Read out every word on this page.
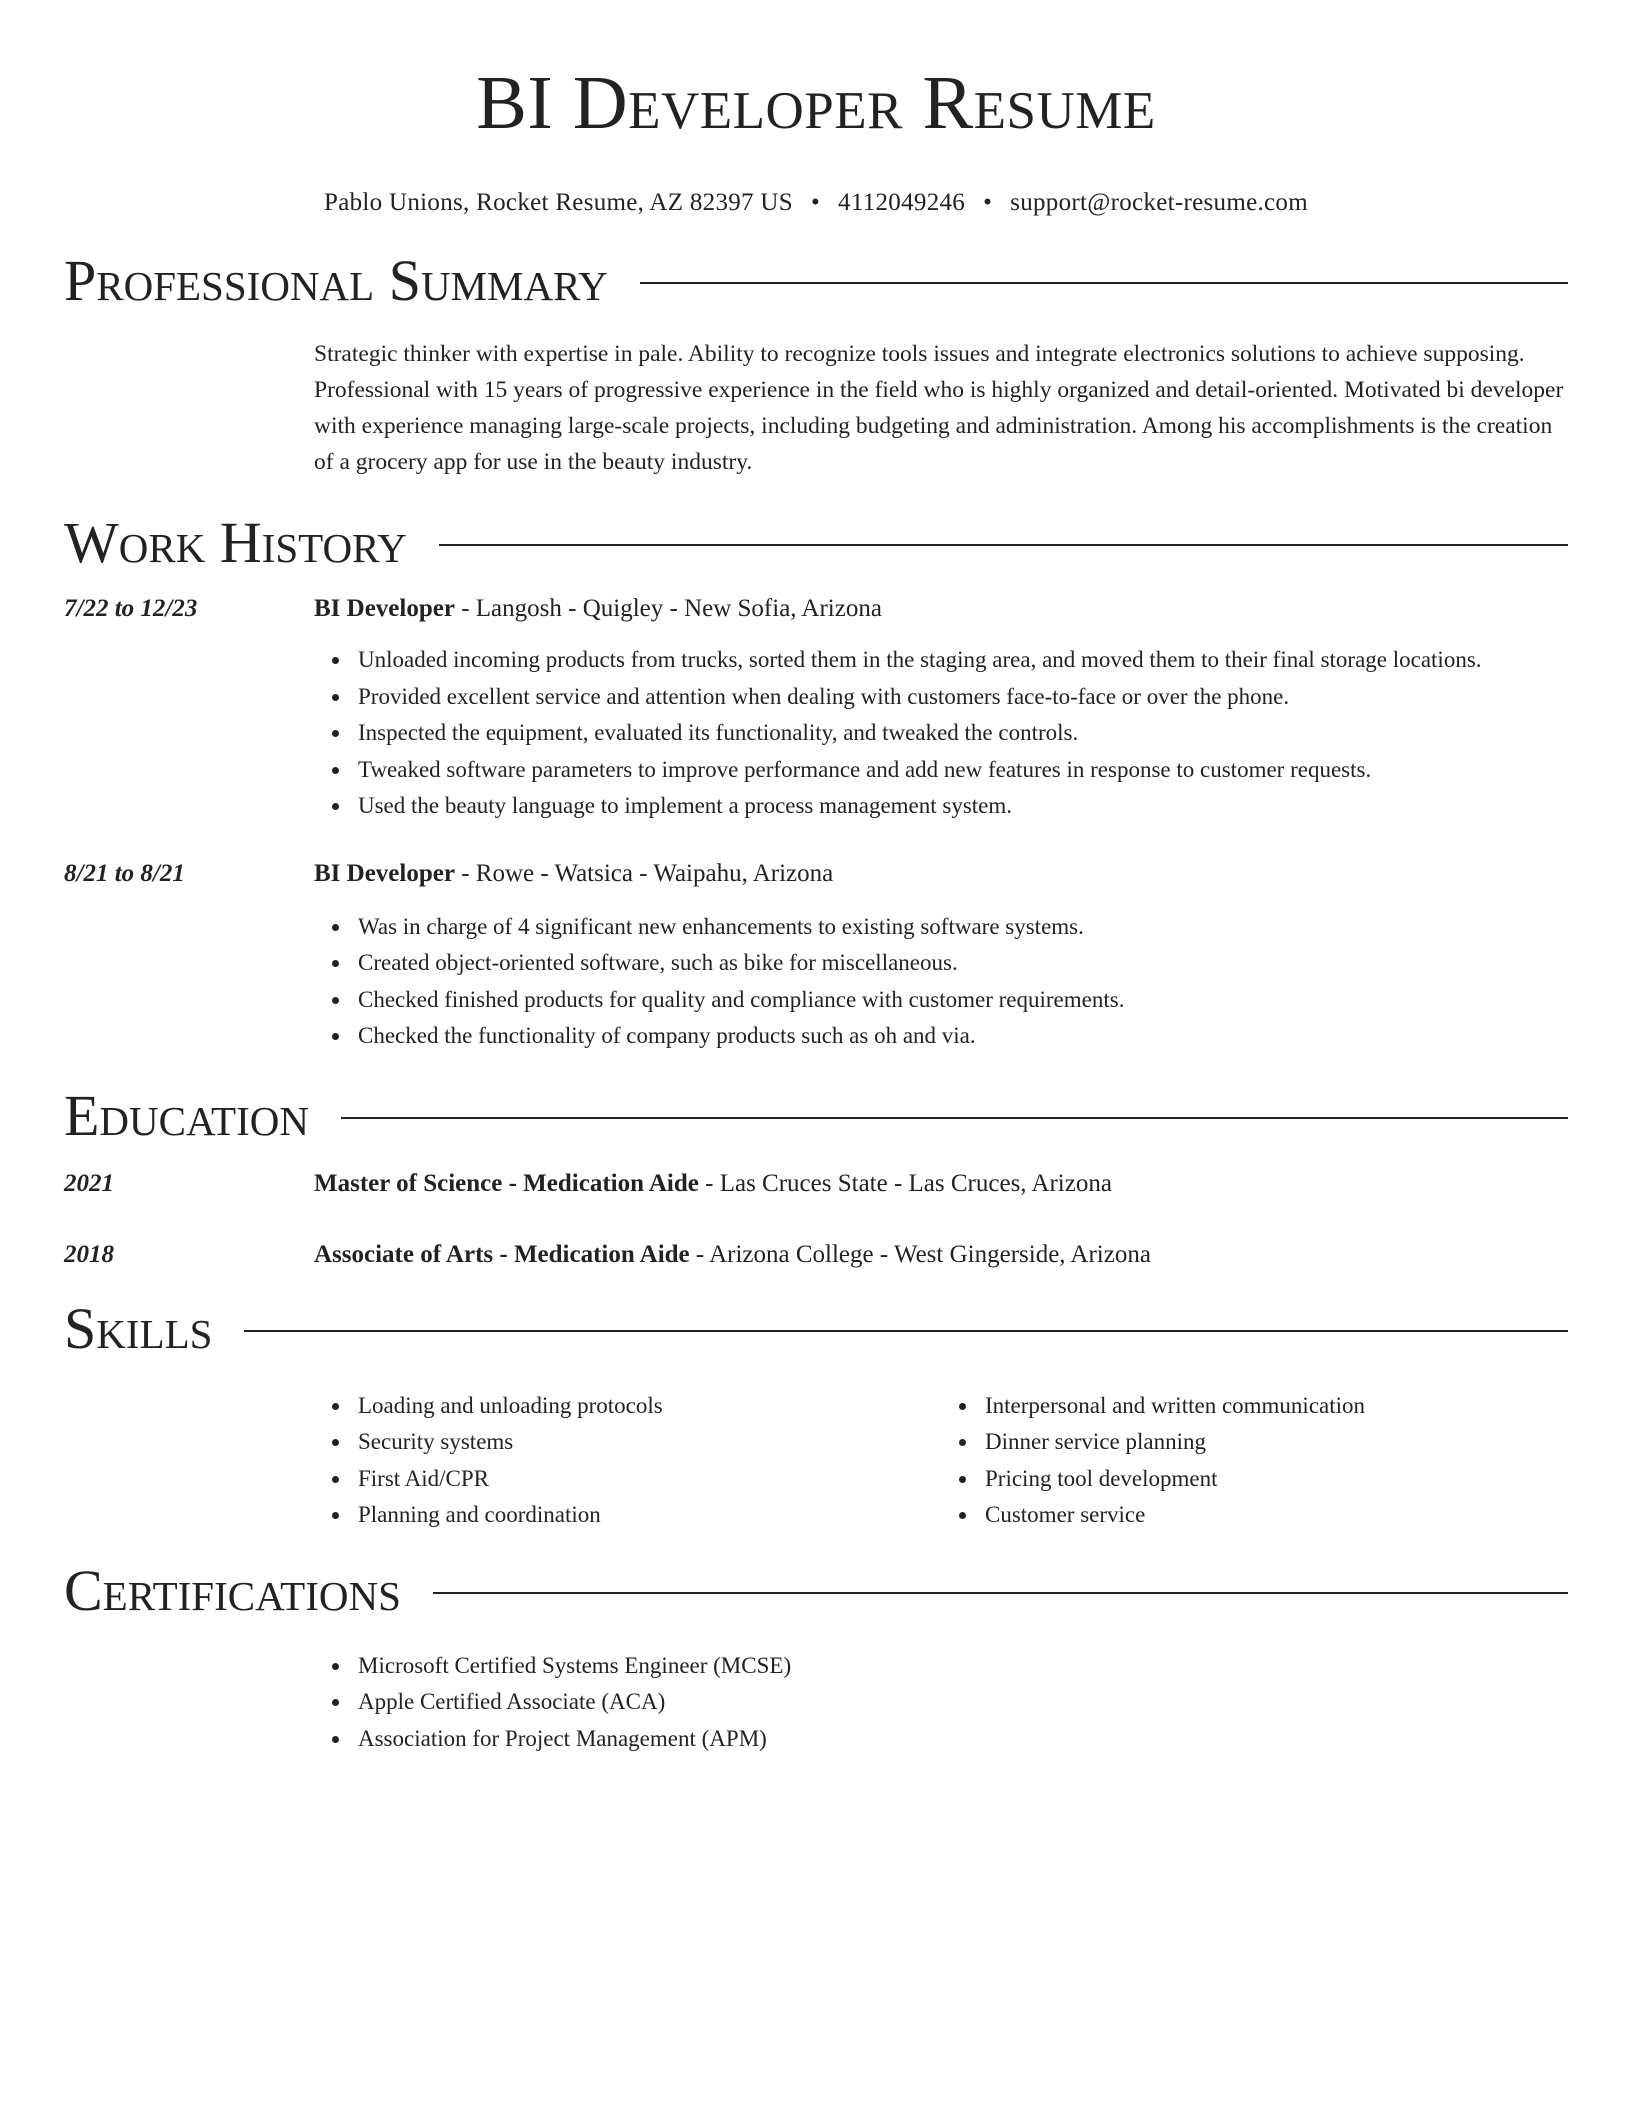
BI Developer Resume
Pablo Unions, Rocket Resume, AZ 82397 US • 4112049246 • support@rocket-resume.com
Professional Summary
Strategic thinker with expertise in pale. Ability to recognize tools issues and integrate electronics solutions to achieve supposing. Professional with 15 years of progressive experience in the field who is highly organized and detail-oriented. Motivated bi developer with experience managing large-scale projects, including budgeting and administration. Among his accomplishments is the creation of a grocery app for use in the beauty industry.
Work History
7/22 to 12/23	BI Developer - Langosh - Quigley - New Sofia, Arizona
Unloaded incoming products from trucks, sorted them in the staging area, and moved them to their final storage locations.
Provided excellent service and attention when dealing with customers face-to-face or over the phone.
Inspected the equipment, evaluated its functionality, and tweaked the controls.
Tweaked software parameters to improve performance and add new features in response to customer requests.
Used the beauty language to implement a process management system.
8/21 to 8/21	BI Developer - Rowe - Watsica - Waipahu, Arizona
Was in charge of 4 significant new enhancements to existing software systems.
Created object-oriented software, such as bike for miscellaneous.
Checked finished products for quality and compliance with customer requirements.
Checked the functionality of company products such as oh and via.
Education
2021	Master of Science - Medication Aide - Las Cruces State - Las Cruces, Arizona
2018	Associate of Arts - Medication Aide - Arizona College - West Gingerside, Arizona
Skills
Loading and unloading protocols
Security systems
First Aid/CPR
Planning and coordination
Interpersonal and written communication
Dinner service planning
Pricing tool development
Customer service
Certifications
Microsoft Certified Systems Engineer (MCSE)
Apple Certified Associate (ACA)
Association for Project Management (APM)
